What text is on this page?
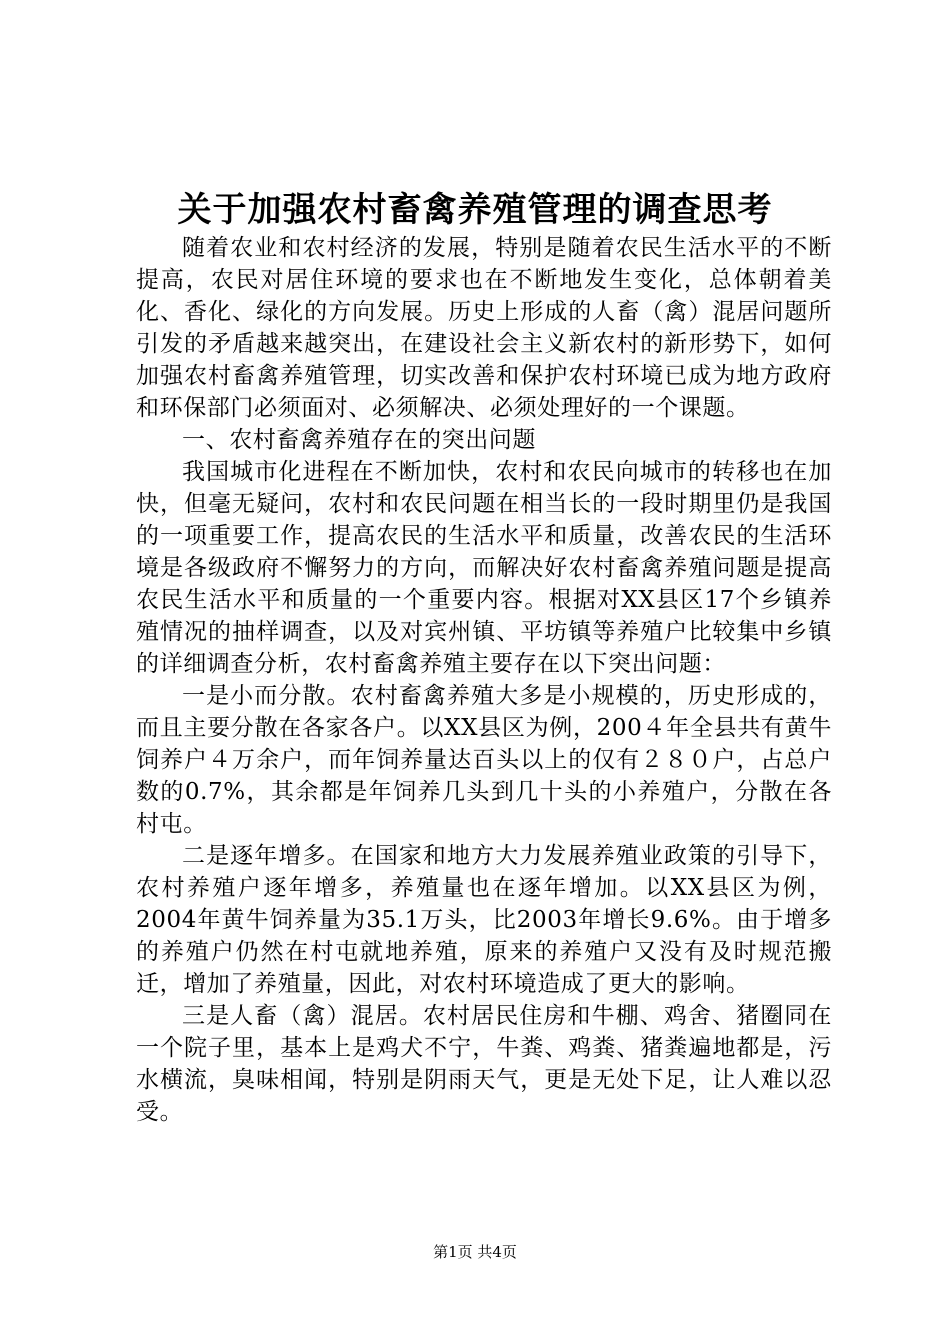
关于加强农村畜禽养殖管理的调查思考

随着农业和农村经济的发展，特别是随着农民生活水平的不断提高，农民对居住环境的要求也在不断地发生变化，总体朝着美化、香化、绿化的方向发展。历史上形成的人畜（禽）混居问题所引发的矛盾越来越突出，在建设社会主义新农村的新形势下，如何加强农村畜禽养殖管理，切实改善和保护农村环境已成为地方政府和环保部门必须面对、必须解决、必须处理好的一个课题。

一、农村畜禽养殖存在的突出问题

我国城市化进程在不断加快，农村和农民向城市的转移也在加快，但毫无疑问，农村和农民问题在相当长的一段时期里仍是我国的一项重要工作，提高农民的生活水平和质量，改善农民的生活环境是各级政府不懈努力的方向，而解决好农村畜禽养殖问题是提高农民生活水平和质量的一个重要内容。根据对XX县区17个乡镇养殖情况的抽样调查，以及对宾州镇、平坊镇等养殖户比较集中乡镇的详细调查分析，农村畜禽养殖主要存在以下突出问题：

一是小而分散。农村畜禽养殖大多是小规模的，历史形成的，而且主要分散在各家各户。以XX县区为例，200４年全县共有黄牛饲养户４万余户，而年饲养量达百头以上的仅有２８０户，占总户数的0.7%，其余都是年饲养几头到几十头的小养殖户，分散在各村屯。

二是逐年增多。在国家和地方大力发展养殖业政策的引导下，农村养殖户逐年增多，养殖量也在逐年增加。以XX县区为例，2004年黄牛饲养量为35.1万头，比2003年增长9.6%。由于增多的养殖户仍然在村屯就地养殖，原来的养殖户又没有及时规范搬迁，增加了养殖量，因此，对农村环境造成了更大的影响。

三是人畜（禽）混居。农村居民住房和牛棚、鸡舍、猪圈同在一个院子里，基本上是鸡犬不宁，牛粪、鸡粪、猪粪遍地都是，污水横流，臭味相闻，特别是阴雨天气，更是无处下足，让人难以忍受。

第1页 共4页
